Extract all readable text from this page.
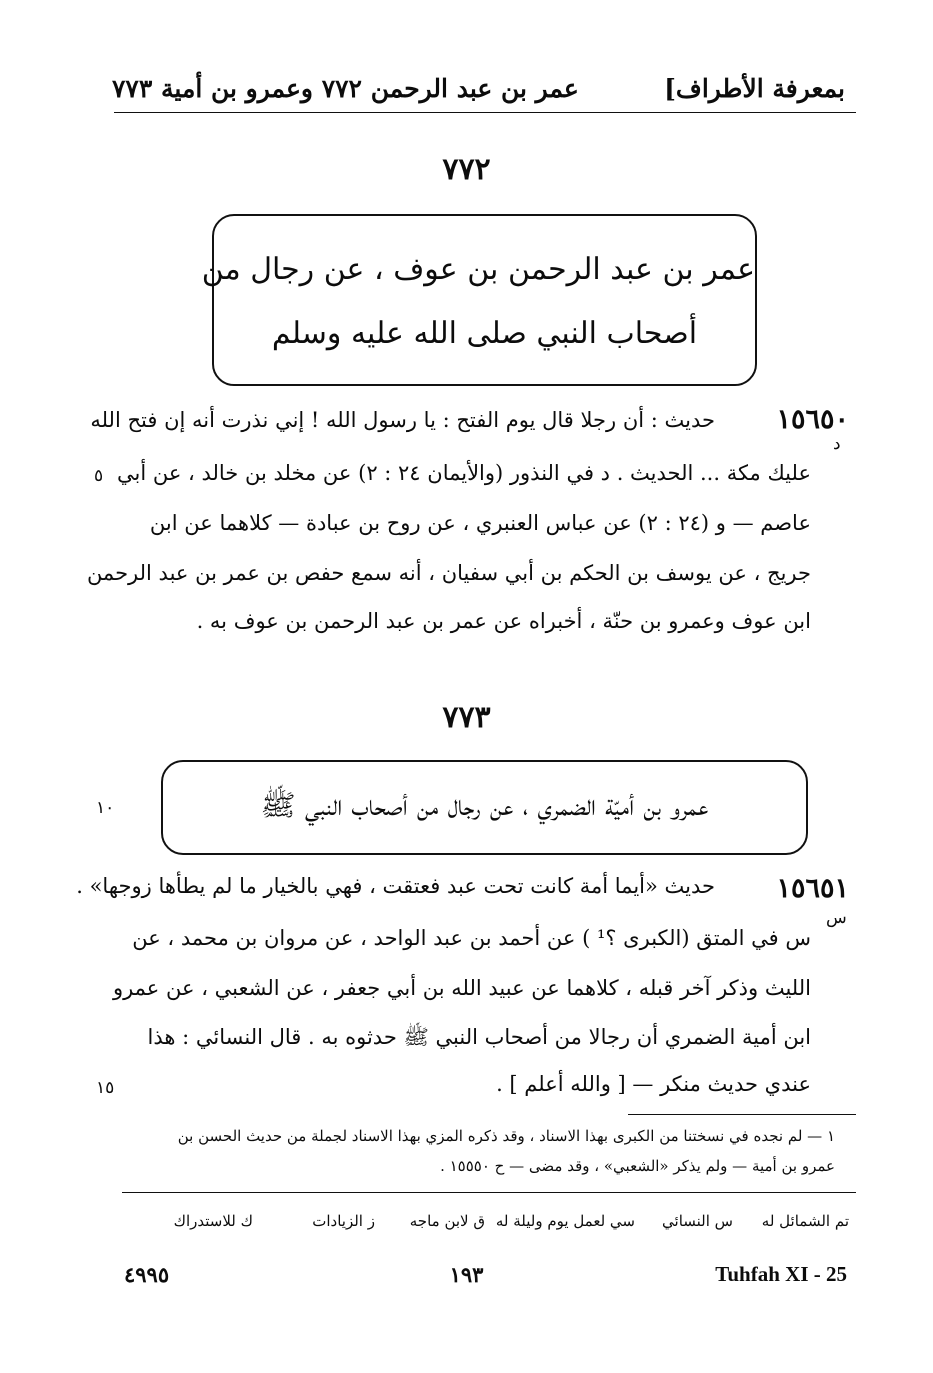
بمعرفة الأطراف]
عمر بن عبد الرحمن ٧٧٢ وعمرو بن أمية ٧٧٣
٧٧٢
عمر بن عبد الرحمن بن عوف ، عن رجال من
أصحاب النبي صلى الله عليه وسلم
١٥٦٥٠
د
حديث : أن رجلا قال يوم الفتح : يا رسول الله ! إني نذرت أنه إن فتح الله
عليك مكة ... الحديث . د في النذور (والأيمان ٢٤ : ٢) عن مخلد بن خالد ، عن أبي
عاصم — و (٢٤ : ٢) عن عباس العنبري ، عن روح بن عبادة — كلاهما عن ابن
جريج ، عن يوسف بن الحكم بن أبي سفيان ، أنه سمع حفص بن عمر بن عبد الرحمن
ابن عوف وعمرو بن حنّة ، أخبراه عن عمر بن عبد الرحمن بن عوف به .
٥
٧٧٣
عمرو بن أميّة الضمري ، عن رجال من أصحاب النبي ﷺ
١٠
١٥٦٥١
س
حديث «أيما أمة كانت تحت عبد فعتقت ، فهي بالخيار ما لم يطأها زوجها» .
س في المتق (الكبرى ؟¹ ) عن أحمد بن عبد الواحد ، عن مروان بن محمد ، عن
الليث وذكر آخر قبله ، كلاهما عن عبيد الله بن أبي جعفر ، عن الشعبي ، عن عمرو
ابن أمية الضمري أن رجالا من أصحاب النبي ﷺ حدثوه به . قال النسائي : هذا
عندي حديث منكر — [ والله أعلم ] .
١٥
١ — لم نجده في نسختنا من الكبرى بهذا الاسناد ، وقد ذكره المزي بهذا الاسناد لجملة من حديث الحسن بن
عمرو بن أمية — ولم يذكر «الشعبي» ، وقد مضى — ح ١٥٥٥٠ .
تم الشمائل له
س النسائي
سي لعمل يوم وليلة له
ق لابن ماجه
ز الزيادات
ك للاستدراك
٤٩٩٥	١٩٣	Tuhfah XI - 25
